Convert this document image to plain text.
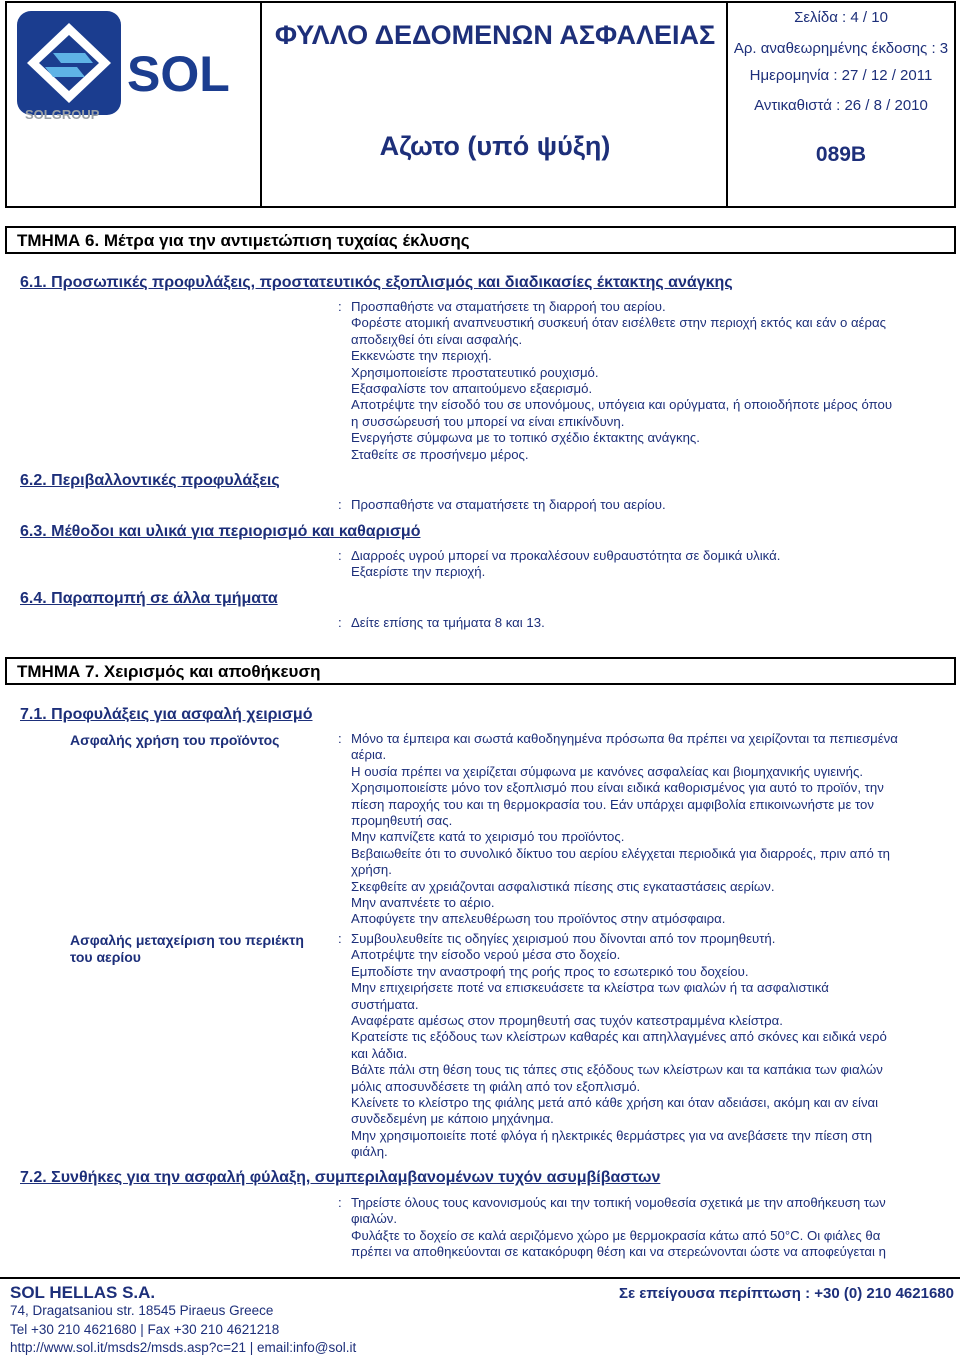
SOL
SOLGROUP
ΦΥΛΛΟ ΔΕΔΟΜΕΝΩΝ ΑΣΦΑΛΕΙΑΣ
Αζωτο (υπό ψύξη)
Σελίδα : 4 / 10
Αρ. αναθεωρημένης έκδοσης : 3
Ημερομηνία : 27 / 12 / 2011
Αντικαθιστά : 26 / 8 / 2010
089B
ΤΜΗΜΑ 6. Μέτρα για την αντιμετώπιση τυχαίας έκλυσης
6.1. Προσωπικές προφυλάξεις, προστατευτικός εξοπλισμός και διαδικασίες έκτακτης ανάγκης
: Προσπαθήστε να σταματήσετε τη διαρροή του αερίου.
Φορέστε ατομική αναπνευστική συσκευή όταν εισέλθετε στην περιοχή εκτός και εάν ο αέρας
αποδειχθεί ότι είναι ασφαλής.
Εκκενώστε την περιοχή.
Χρησιμοποιείστε προστατευτικό ρουχισμό.
Εξασφαλίστε τον απαιτούμενο εξαερισμό.
Αποτρέψτε την είσοδό του σε υπονόμους, υπόγεια και ορύγματα, ή οποιοδήποτε μέρος όπου
η συσσώρευσή του μπορεί να είναι επικίνδυνη.
Ενεργήστε σύμφωνα με το τοπικό σχέδιο έκτακτης ανάγκης.
Σταθείτε σε προσήνεμο μέρος.
6.2. Περιβαλλοντικές προφυλάξεις
: Προσπαθήστε να σταματήσετε τη διαρροή του αερίου.
6.3. Μέθοδοι και υλικά για περιορισμό και καθαρισμό
: Διαρροές υγρού μπορεί να προκαλέσουν ευθραυστότητα σε δομικά υλικά.
Εξαερίστε την περιοχή.
6.4. Παραπομπή σε άλλα τμήματα
: Δείτε επίσης τα τμήματα 8 και 13.
ΤΜΗΜΑ 7. Χειρισμός και αποθήκευση
7.1. Προφυλάξεις για ασφαλή χειρισμό
Ασφαλής χρήση του προϊόντος	: Μόνο τα έμπειρα και σωστά καθοδηγημένα πρόσωπα θα πρέπει να χειρίζονται τα πεπιεσμένα
αέρια.
Η ουσία πρέπει να χειρίζεται σύμφωνα με κανόνες ασφαλείας και βιομηχανικής υγιεινής.
Χρησιμοποιείστε μόνο τον εξοπλισμό που είναι ειδικά καθορισμένος για αυτό το προϊόν, την
πίεση παροχής του και τη θερμοκρασία του. Εάν υπάρχει αμφιβολία επικοινωνήστε με τον
προμηθευτή σας.
Μην καπνίζετε κατά το χειρισμό του προϊόντος.
Βεβαιωθείτε ότι το συνολικό δίκτυο του αερίου ελέγχεται περιοδικά για διαρροές, πριν από τη
χρήση.
Σκεφθείτε αν χρειάζονται ασφαλιστικά πίεσης στις εγκαταστάσεις αερίων.
Μην αναπνέετε το αέριο.
Αποφύγετε την απελευθέρωση του προϊόντος στην ατμόσφαιρα.
Ασφαλής μεταχείριση του περιέκτη
του αερίου
: Συμβουλευθείτε τις οδηγίες χειρισμού που δίνονται από τον προμηθευτή.
Αποτρέψτε την είσοδο νερού μέσα στο δοχείο.
Εμποδίστε την αναστροφή της ροής προς το εσωτερικό του δοχείου.
Μην επιχειρήσετε ποτέ να επισκευάσετε τα κλείστρα των φιαλών ή τα ασφαλιστικά
συστήματα.
Αναφέρατε αμέσως στον προμηθευτή σας τυχόν κατεστραμμένα κλείστρα.
Κρατείστε τις εξόδους των κλείστρων καθαρές και απηλλαγμένες από σκόνες και ειδικά νερό
και λάδια.
Βάλτε πάλι στη θέση τους τις τάπες στις εξόδους των κλείστρων και τα καπάκια των φιαλών
μόλις αποσυνδέσετε τη φιάλη από τον εξοπλισμό.
Κλείνετε το κλείστρο της φιάλης μετά από κάθε χρήση και όταν αδειάσει, ακόμη και αν είναι
συνδεδεμένη με κάποιο μηχάνημα.
Μην χρησιμοποιείτε ποτέ φλόγα ή ηλεκτρικές θερμάστρες για να ανεβάσετε την πίεση στη
φιάλη.
7.2. Συνθήκες για την ασφαλή φύλαξη, συμπεριλαμβανομένων τυχόν ασυμβίβαστων
: Τηρείστε όλους τους κανονισμούς και την τοπική νομοθεσία σχετικά με την αποθήκευση των
φιαλών.
Φυλάξτε το δοχείο σε καλά αεριζόμενο χώρο με θερμοκρασία κάτω από 50°C. Οι φιάλες θα
πρέπει να αποθηκεύονται σε κατακόρυφη θέση και να στερεώνονται ώστε να αποφεύγεται η
SOL HELLAS S.A.
74, Dragatsaniou str. 18545 Piraeus Greece
Tel +30 210 4621680 | Fax +30 210 4621218
http://www.sol.it/msds2/msds.asp?c=21 | email:info@sol.it
Σε επείγουσα περίπτωση : +30 (0) 210 4621680
